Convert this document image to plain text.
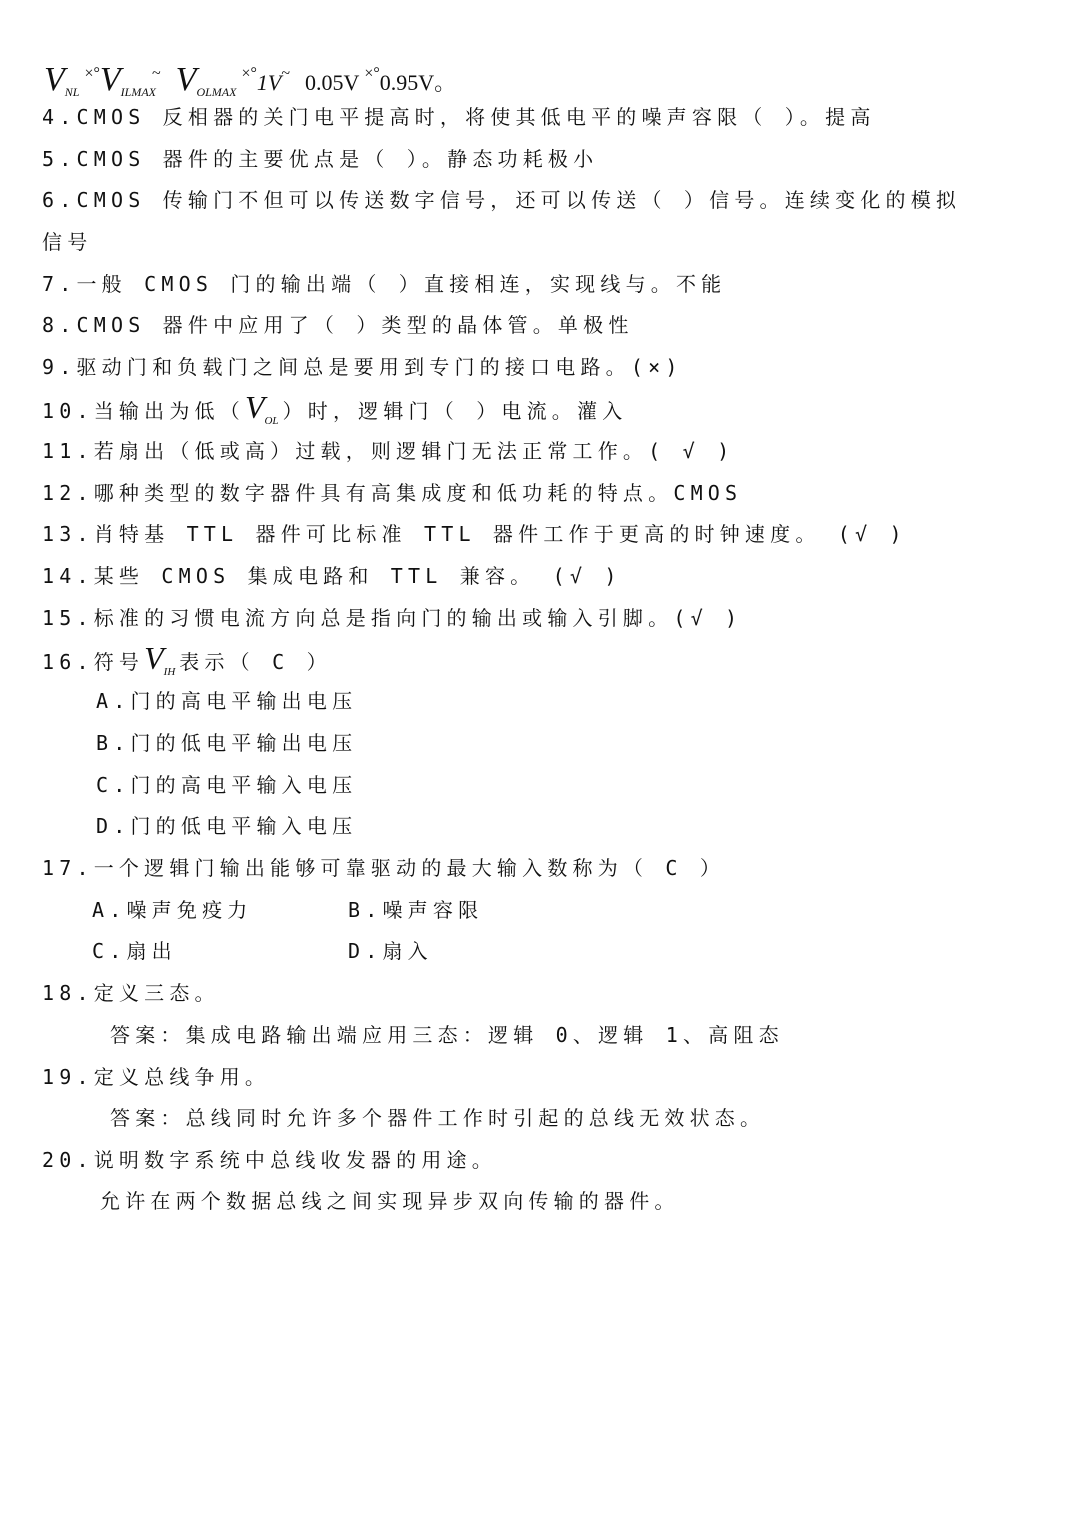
$V_{NL}$ $^{\times^\circ}V_{ILMAX}^\sim$ $V_{OLMAX}$ ×°1V~ 0.05V ×°0.95V。
4.CMOS 反相器的关门电平提高时，将使其低电平的噪声容限（ ）。提高
5.CMOS 器件的主要优点是（ ）。静态功耗极小
6.CMOS 传输门不但可以传送数字信号，还可以传送（ ）信号。连续变化的模拟
信号
7.一般 CMOS 门的输出端（ ）直接相连，实现线与。不能
8.CMOS 器件中应用了（ ）类型的晶体管。单极性
9.驱动门和负载门之间总是要用到专门的接口电路。(×)
10.当输出为低（$V_{OL}$ ）时，逻辑门（ ）电流。灌入
11.若扇出（低或高）过载，则逻辑门无法正常工作。( √ )
12.哪种类型的数字器件具有高集成度和低功耗的特点。CMOS
13.肖特基 TTL 器件可比标准 TTL 器件工作于更高的时钟速度。 (√ )
14.某些 CMOS 集成电路和 TTL 兼容。 (√ )
15.标准的习惯电流方向总是指向门的输出或输入引脚。(√ )
16.符号$V_{IH}$ 表示（ C ）
A.门的高电平输出电压
B.门的低电平输出电压
C.门的高电平输入电压
D.门的低电平输入电压
17.一个逻辑门输出能够可靠驱动的最大输入数称为（ C ）
A.噪声免疫力	B.噪声容限
C.扇出	D.扇入
18.定义三态。
答案：集成电路输出端应用三态：逻辑 0、逻辑 1、高阻态
19.定义总线争用。
答案：总线同时允许多个器件工作时引起的总线无效状态。
20.说明数字系统中总线收发器的用途。
允许在两个数据总线之间实现异步双向传输的器件。
